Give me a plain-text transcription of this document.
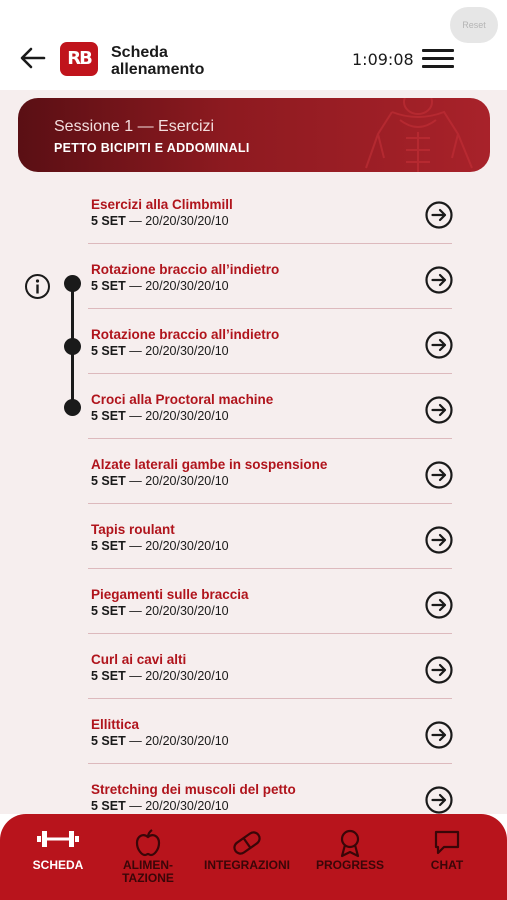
RB	Scheda
allenamento
1:09:08
Reset
Sessione 1 — Esercizi
PETTO BICIPITI E ADDOMINALI
Esercizi alla Climbmill
5 SET — 20/20/30/20/10
Rotazione braccio all’indietro
5 SET — 20/20/30/20/10
Rotazione braccio all’indietro
5 SET — 20/20/30/20/10
Croci alla Proctoral machine
5 SET — 20/20/30/20/10
Alzate laterali gambe in sospensione
5 SET — 20/20/30/20/10
Tapis roulant
5 SET — 20/20/30/20/10
Piegamenti sulle braccia
5 SET — 20/20/30/20/10
Curl ai cavi alti
5 SET — 20/20/30/20/10
Ellittica
5 SET — 20/20/30/20/10
Stretching dei muscoli del petto
5 SET — 20/20/30/20/10
SCHEDA	ALIMEN-
TAZIONE
INTEGRAZIONI	PROGRESS	CHAT
